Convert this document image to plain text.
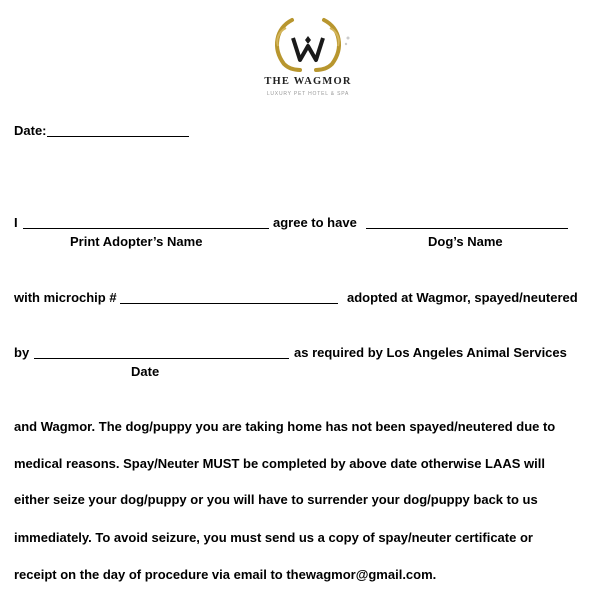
THE WAGMOR
LUXURY PET HOTEL & SPA
Date:
I	agree to have
Print Adopter’s Name	Dog’s Name
with microchip #	adopted at Wagmor, spayed/neutered
by	as required by Los Angeles Animal Services
Date
and Wagmor. The dog/puppy you are taking home has not been spayed/neutered due to
medical reasons. Spay/Neuter MUST be completed by above date otherwise LAAS will
either seize your dog/puppy or you will have to surrender your dog/puppy back to us
immediately. To avoid seizure, you must send us a copy of spay/neuter certificate or
receipt on the day of procedure via email to thewagmor@gmail.com.
